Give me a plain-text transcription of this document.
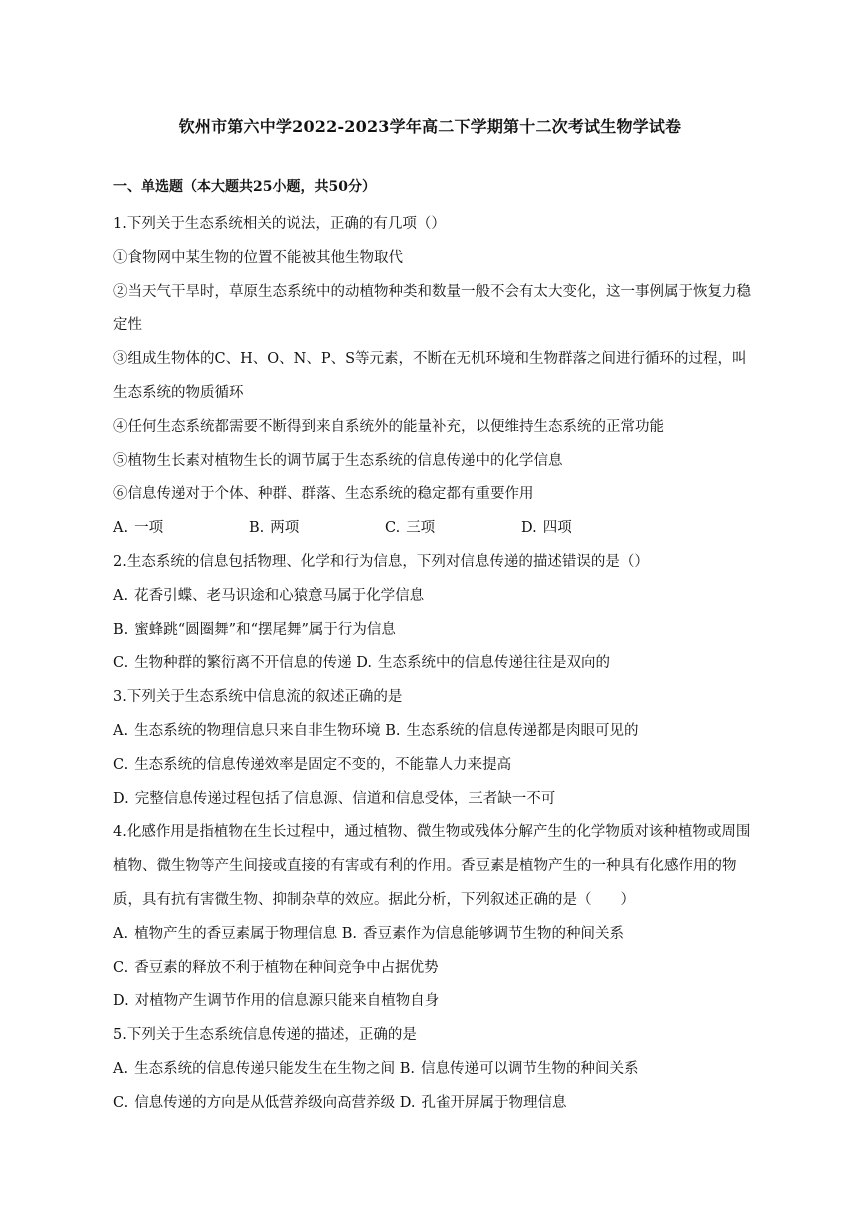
钦州市第六中学2022-2023学年高二下学期第十二次考试生物学试卷
一、单选题（本大题共25小题，共50分）
1.下列关于生态系统相关的说法，正确的有几项（）
①食物网中某生物的位置不能被其他生物取代
②当天气干旱时，草原生态系统中的动植物种类和数量一般不会有太大变化，这一事例属于恢复力稳定性
③组成生物体的C、H、O、N、P、S等元素，不断在无机环境和生物群落之间进行循环的过程，叫生态系统的物质循环
④任何生态系统都需要不断得到来自系统外的能量补充，以便维持生态系统的正常功能
⑤植物生长素对植物生长的调节属于生态系统的信息传递中的化学信息
⑥信息传递对于个体、种群、群落、生态系统的稳定都有重要作用
A. 一项	B. 两项	C. 三项	D. 四项
2.生态系统的信息包括物理、化学和行为信息，下列对信息传递的描述错误的是（）
A. 花香引蝶、老马识途和心猿意马属于化学信息
B. 蜜蜂跳“圆圈舞”和“摆尾舞”属于行为信息
C. 生物种群的繁衍离不开信息的传递 D. 生态系统中的信息传递往往是双向的
3.下列关于生态系统中信息流的叙述正确的是
A. 生态系统的物理信息只来自非生物环境 B. 生态系统的信息传递都是肉眼可见的
C. 生态系统的信息传递效率是固定不变的，不能靠人力来提高
D. 完整信息传递过程包括了信息源、信道和信息受体，三者缺一不可
4.化感作用是指植物在生长过程中，通过植物、微生物或残体分解产生的化学物质对该种植物或周围植物、微生物等产生间接或直接的有害或有利的作用。香豆素是植物产生的一种具有化感作用的物质，具有抗有害微生物、抑制杂草的效应。据此分析，下列叙述正确的是（　　）
A. 植物产生的香豆素属于物理信息 B. 香豆素作为信息能够调节生物的种间关系
C. 香豆素的释放不利于植物在种间竞争中占据优势
D. 对植物产生调节作用的信息源只能来自植物自身
5.下列关于生态系统信息传递的描述，正确的是
A. 生态系统的信息传递只能发生在生物之间 B. 信息传递可以调节生物的种间关系
C. 信息传递的方向是从低营养级向高营养级 D. 孔雀开屏属于物理信息
